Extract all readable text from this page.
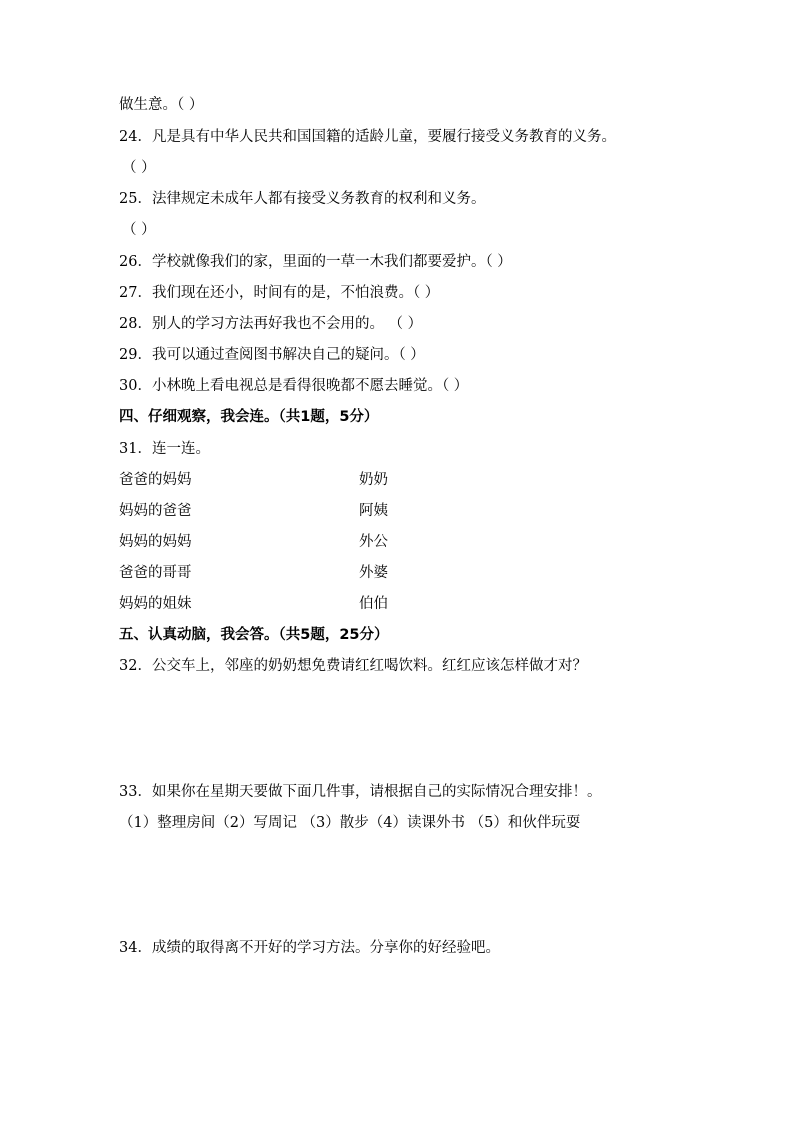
做生意。（ ）
24．凡是具有中华人民共和国国籍的适龄儿童，要履行接受义务教育的义务。
（ ）
25．法律规定未成年人都有接受义务教育的权利和义务。
（ ）
26．学校就像我们的家，里面的一草一木我们都要爱护。（ ）
27．我们现在还小，时间有的是，不怕浪费。（ ）
28．别人的学习方法再好我也不会用的。 （ ）
29．我可以通过查阅图书解决自己的疑问。（ ）
30．小林晚上看电视总是看得很晚都不愿去睡觉。（ ）
四、仔细观察，我会连。（共1题，5分）
31．连一连。
爸爸的妈妈	奶奶
妈妈的爸爸	阿姨
妈妈的妈妈	外公
爸爸的哥哥	外婆
妈妈的姐妹	伯伯
五、认真动脑，我会答。（共5题，25分）
32．公交车上，邻座的奶奶想免费请红红喝饮料。红红应该怎样做才对？
33．如果你在星期天要做下面几件事，请根据自己的实际情况合理安排！。
（1）整理房间（2）写周记 （3）散步（4）读课外书 （5）和伙伴玩耍
34．成绩的取得离不开好的学习方法。分享你的好经验吧。
